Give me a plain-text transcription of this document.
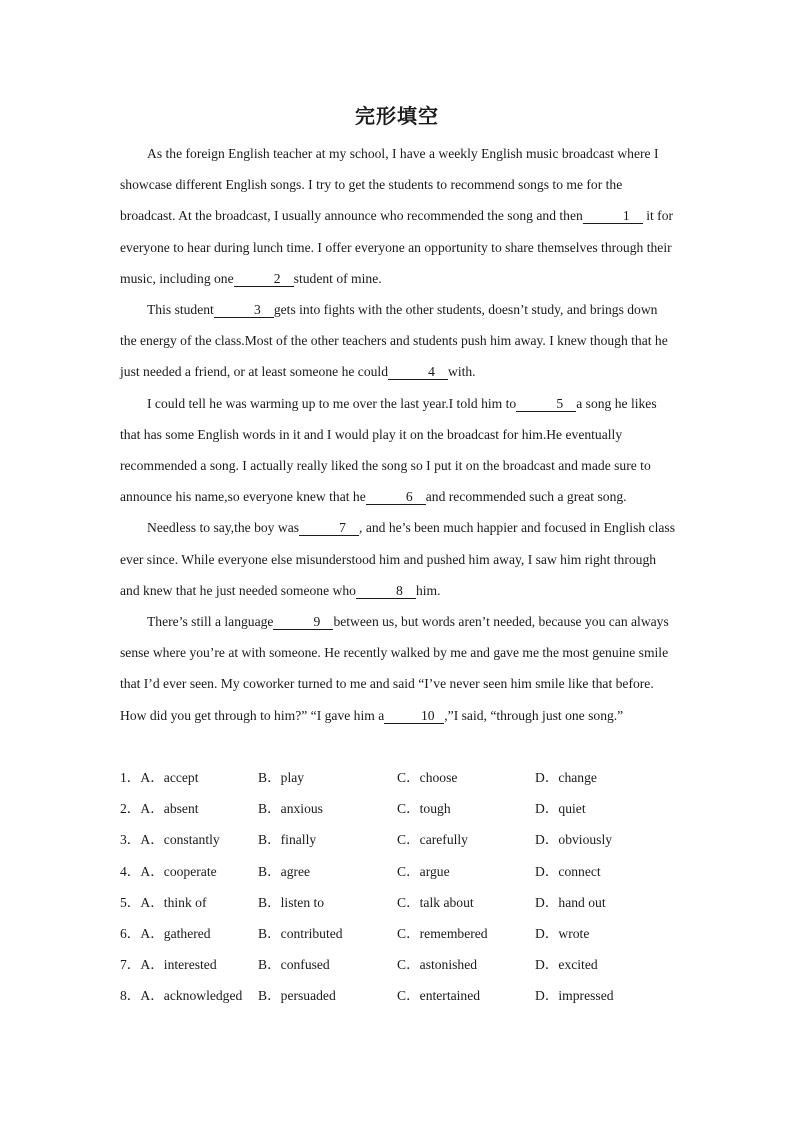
完形填空

As the foreign English teacher at my school, I have a weekly English music broadcast where I showcase different English songs. I try to get the students to recommend songs to me for the broadcast. At the broadcast, I usually announce who recommended the song and then	1 it for everyone to hear during lunch time. I offer everyone an opportunity to share themselves through their music, including one	2 student of mine.

This student	3 gets into fights with the other students, doesn’t study, and brings down the energy of the class.Most of the other teachers and students push him away. I knew though that he just needed a friend, or at least someone he could	4 with.

I could tell he was warming up to me over the last year.I told him to	5 a song he likes that has some English words in it and I would play it on the broadcast for him.He eventually recommended a song. I actually really liked the song so I put it on the broadcast and made sure to announce his name,so everyone knew that he	6 and recommended such a great song.

Needless to say,the boy was	7 , and he’s been much happier and focused in English class ever since. While everyone else misunderstood him and pushed him away, I saw him right through and knew that he just needed someone who	8 him.

There’s still a language	9 between us, but words aren’t needed, because you can always sense where you’re at with someone. He recently walked by me and gave me the most genuine smile that I’d ever seen. My coworker turned to me and said “I’ve never seen him smile like that before. How did you get through to him?” “I gave him a	10 ,”I said, “through just one song.”

1．A．accept	B．play	C．choose	D．change
2．A．absent	B．anxious	C．tough	D．quiet
3．A．constantly	B．finally	C．carefully	D．obviously
4．A．cooperate	B．agree	C．argue	D．connect
5．A．think of	B．listen to	C．talk about	D．hand out
6．A．gathered	B．contributed	C．remembered	D．wrote
7．A．interested	B．confused	C．astonished	D．excited
8．A．acknowledged B．persuaded	C．entertained	D．impressed
